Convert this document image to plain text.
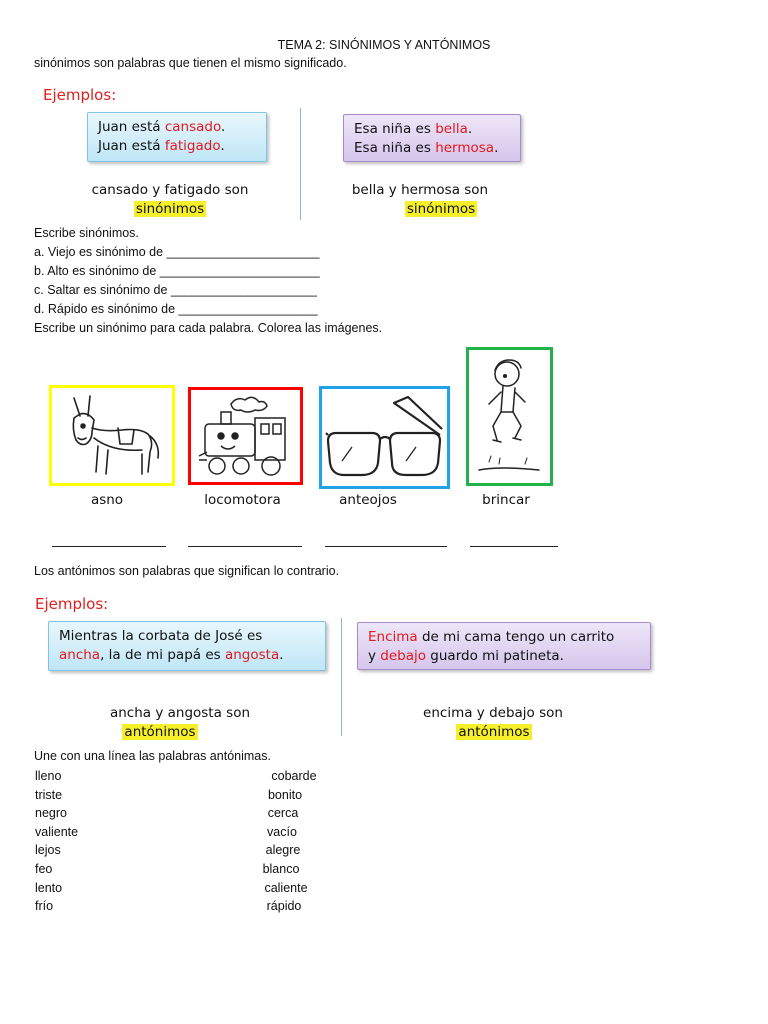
TEMA 2: SINÓNIMOS Y ANTÓNIMOS
sinónimos son palabras que tienen el mismo significado.
Ejemplos:
Juan está cansado.
Juan está fatigado.
Esa niña es bella.
Esa niña es hermosa.
cansado y fatigado son
sinónimos
bella y hermosa son
sinónimos
Escribe sinónimos.
a. Viejo es sinónimo de ______________________
b. Alto es sinónimo de _______________________
c. Saltar es sinónimo de _____________________
d. Rápido es sinónimo de ____________________
Escribe un sinónimo para cada palabra. Colorea las imágenes.
asno	locomotora	anteojos	brincar
Los antónimos son palabras que significan lo contrario.
Ejemplos:
Mientras la corbata de José es
ancha, la de mi papá es angosta.
Encima de mi cama tengo un carrito
y debajo guardo mi patineta.
ancha y angosta son
antónimos
encima y debajo son
antónimos
Une con una línea las palabras antónimas.
lleno
triste
negro
valiente
lejos
feo
lento
frío
cobarde
bonito
cerca
vacío
alegre
blanco
caliente
rápido
